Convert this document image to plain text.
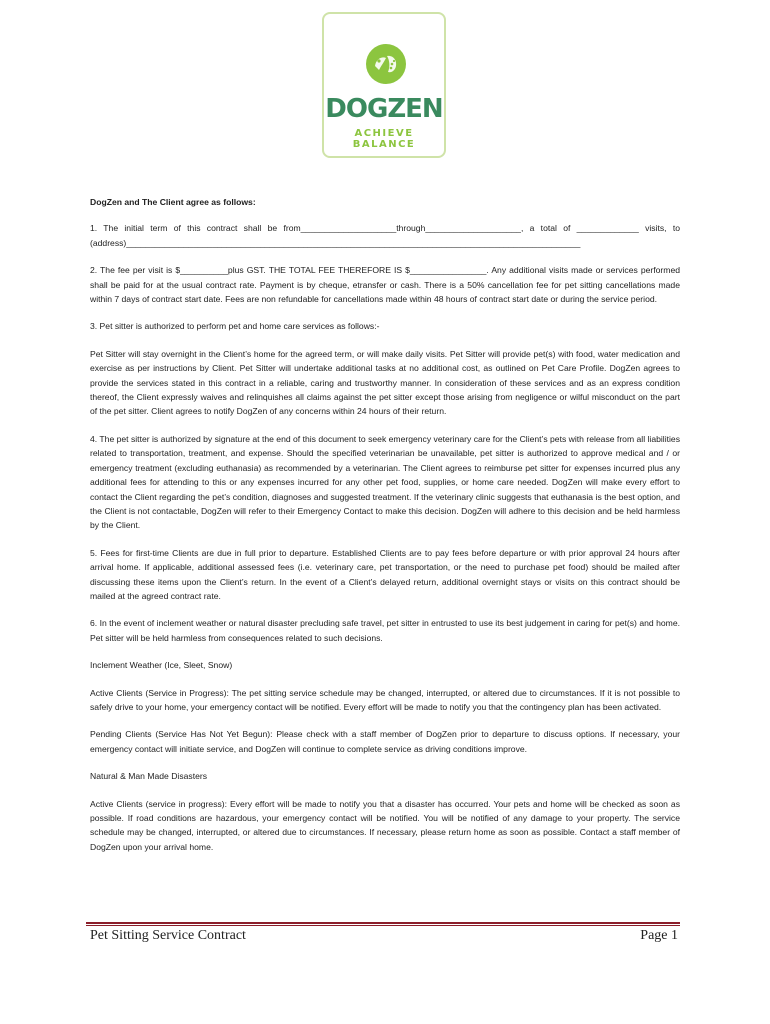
DOGZEN
ACHIEVE BALANCE

DogZen and The Client agree as follows:

1. The initial term of this contract shall be from____________________through____________________, a total of _____________ visits, to (address)_______________________________________________________________________________________________

2. The fee per visit is $__________plus GST. THE TOTAL FEE THEREFORE IS $________________. Any additional visits made or services performed shall be paid for at the usual contract rate. Payment is by cheque, etransfer or cash. There is a 50% cancellation fee for pet sitting cancellations made within 7 days of contract start date. Fees are non refundable for cancellations made within 48 hours of contract start date or during the service period.

3. Pet sitter is authorized to perform pet and home care services as follows:-

Pet Sitter will stay overnight in the Client’s home for the agreed term, or will make daily visits. Pet Sitter will provide pet(s) with food, water medication and exercise as per instructions by Client. Pet Sitter will undertake additional tasks at no additional cost, as outlined on Pet Care Profile. DogZen agrees to provide the services stated in this contract in a reliable, caring and trustworthy manner. In consideration of these services and as an express condition thereof, the Client expressly waives and relinquishes all claims against the pet sitter except those arising from negligence or wilful misconduct on the part of the pet sitter. Client agrees to notify DogZen of any concerns within 24 hours of their return.

4. The pet sitter is authorized by signature at the end of this document to seek emergency veterinary care for the Client’s pets with release from all liabilities related to transportation, treatment, and expense. Should the specified veterinarian be unavailable, pet sitter is authorized to approve medical and / or emergency treatment (excluding euthanasia) as recommended by a veterinarian. The Client agrees to reimburse pet sitter for expenses incurred plus any additional fees for attending to this or any expenses incurred for any other pet food, supplies, or home care needed. DogZen will make every effort to contact the Client regarding the pet’s condition, diagnoses and suggested treatment. If the veterinary clinic suggests that euthanasia is the best option, and the Client is not contactable, DogZen will refer to their Emergency Contact to make this decision. DogZen will adhere to this decision and be held harmless by the Client.

5. Fees for first-time Clients are due in full prior to departure. Established Clients are to pay fees before departure or with prior approval 24 hours after arrival home. If applicable, additional assessed fees (i.e. veterinary care, pet transportation, or the need to purchase pet food) should be mailed after discussing these items upon the Client’s return. In the event of a Client’s delayed return, additional overnight stays or visits on this contract should be mailed at the agreed contract rate.

6. In the event of inclement weather or natural disaster precluding safe travel, pet sitter in entrusted to use its best judgement in caring for pet(s) and home. Pet sitter will be held harmless from consequences related to such decisions.

Inclement Weather (Ice, Sleet, Snow)

Active Clients (Service in Progress): The pet sitting service schedule may be changed, interrupted, or altered due to circumstances. If it is not possible to safely drive to your home, your emergency contact will be notified. Every effort will be made to notify you that the contingency plan has been activated.

Pending Clients (Service Has Not Yet Begun): Please check with a staff member of DogZen prior to departure to discuss options. If necessary, your emergency contact will initiate service, and DogZen will continue to complete service as driving conditions improve.

Natural & Man Made Disasters

Active Clients (service in progress): Every effort will be made to notify you that a disaster has occurred. Your pets and home will be checked as soon as possible. If road conditions are hazardous, your emergency contact will be notified. You will be notified of any damage to your property. The service schedule may be changed, interrupted, or altered due to circumstances. If necessary, please return home as soon as possible. Contact a staff member of DogZen upon your arrival home.

Pet Sitting Service Contract	Page 1
